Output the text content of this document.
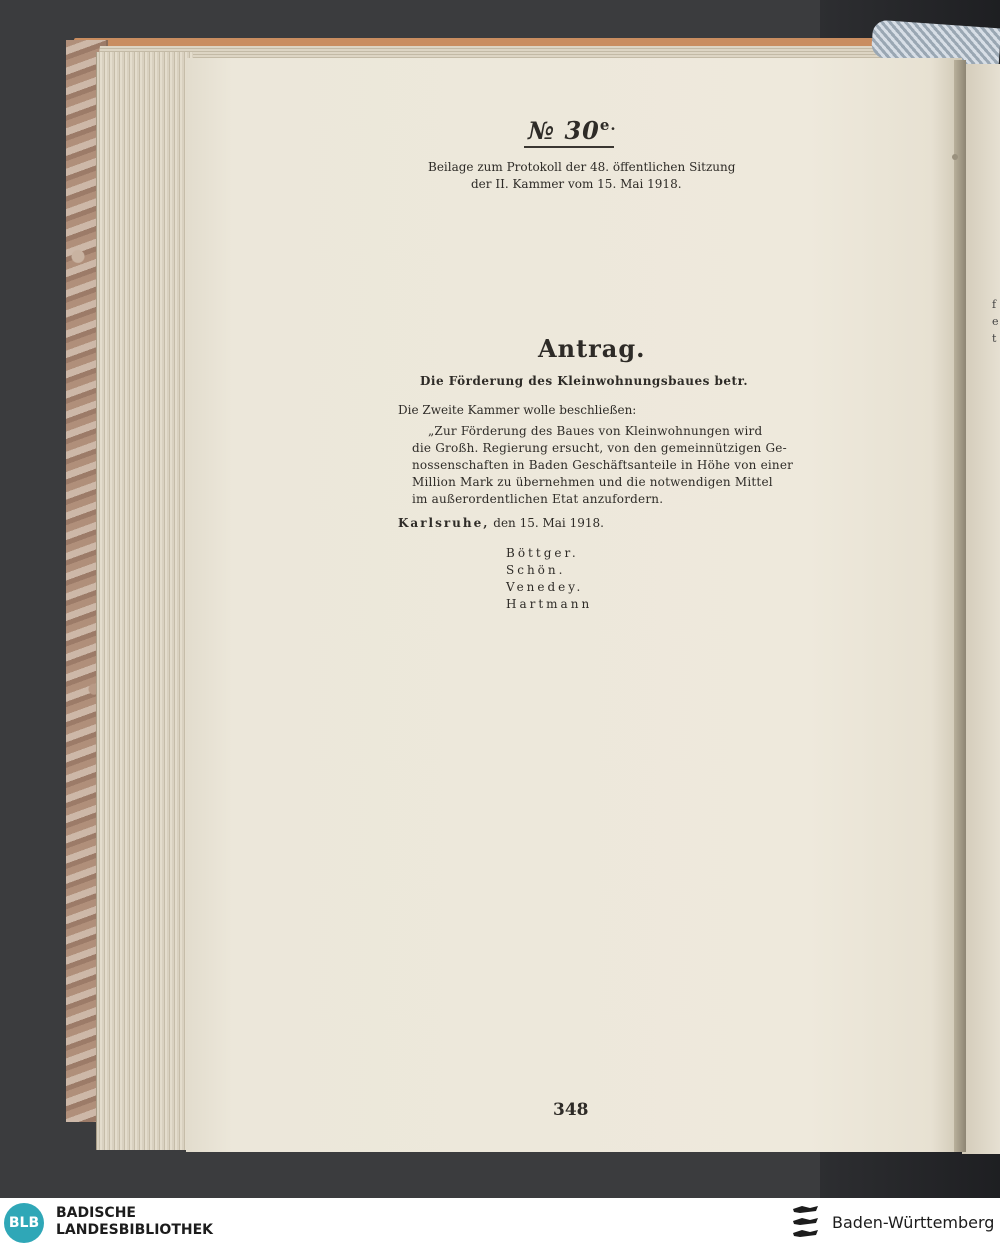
f
e
t
№ $30^{e.}$
Beilage zum Protokoll der 48. öffentlichen Sitzung
der II. Kammer vom 15. Mai 1918.
Antrag.
Die Förderung des Kleinwohnungsbaues betr.
Die Zweite Kammer wolle beschließen:
„Zur Förderung des Baues von Kleinwohnungen wird
die Großh. Regierung ersucht, von den gemeinnützigen Ge-
nossenschaften in Baden Geschäftsanteile in Höhe von einer
Million Mark zu übernehmen und die notwendigen Mittel
im außerordentlichen Etat anzufordern.
Karlsruhe, den 15. Mai 1918.
Böttger.
Schön.
Venedey.
Hartmann
348
BLB
BADISCHE
LANDESBIBLIOTHEK	Baden-Württemberg
